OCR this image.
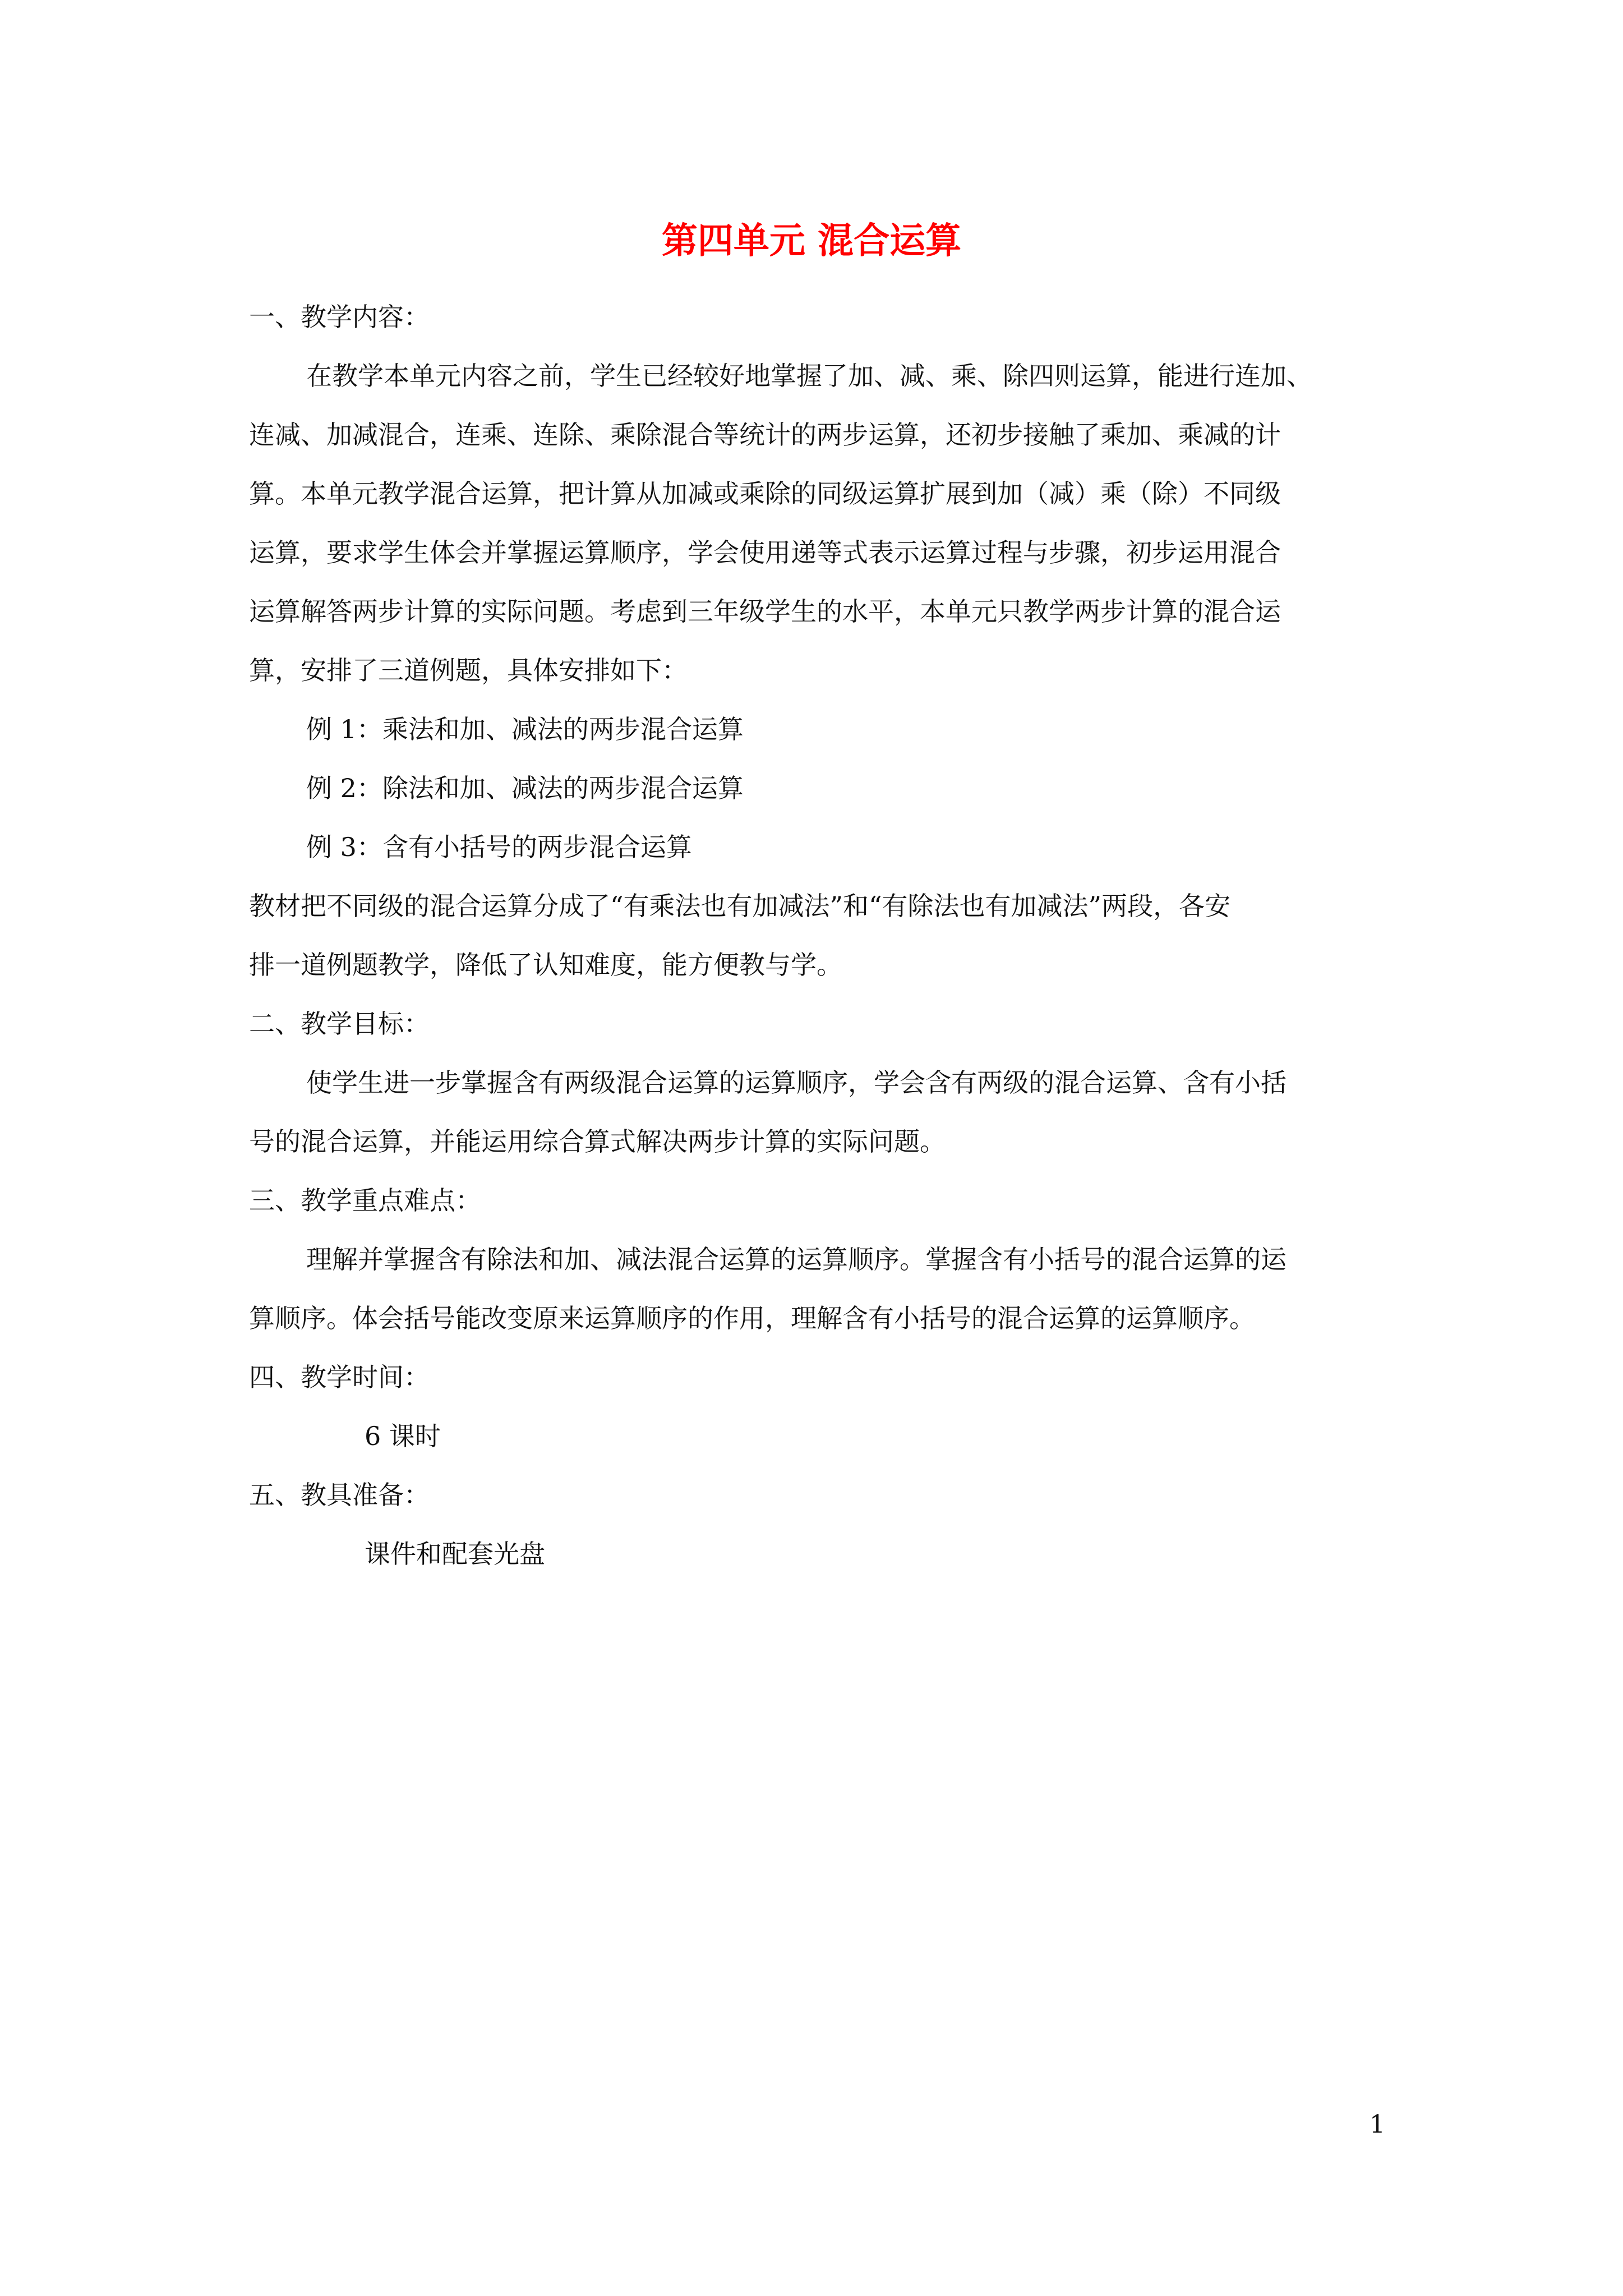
第四单元 混合运算

一、教学内容：

在教学本单元内容之前，学生已经较好地掌握了加、减、乘、除四则运算，能进行连加、

连减、加减混合，连乘、连除、乘除混合等统计的两步运算，还初步接触了乘加、乘减的计

算。本单元教学混合运算，把计算从加减或乘除的同级运算扩展到加（减）乘（除）不同级

运算，要求学生体会并掌握运算顺序，学会使用递等式表示运算过程与步骤，初步运用混合

运算解答两步计算的实际问题。考虑到三年级学生的水平，本单元只教学两步计算的混合运

算，安排了三道例题，具体安排如下：

例 1：乘法和加、减法的两步混合运算

例 2：除法和加、减法的两步混合运算

例 3：含有小括号的两步混合运算

教材把不同级的混合运算分成了“有乘法也有加减法”和“有除法也有加减法”两段，各安

排一道例题教学，降低了认知难度，能方便教与学。

二、教学目标：

使学生进一步掌握含有两级混合运算的运算顺序，学会含有两级的混合运算、含有小括

号的混合运算，并能运用综合算式解决两步计算的实际问题。

三、教学重点难点：

理解并掌握含有除法和加、减法混合运算的运算顺序。掌握含有小括号的混合运算的运

算顺序。体会括号能改变原来运算顺序的作用，理解含有小括号的混合运算的运算顺序。

四、教学时间：

6 课时

五、教具准备：

课件和配套光盘

1
